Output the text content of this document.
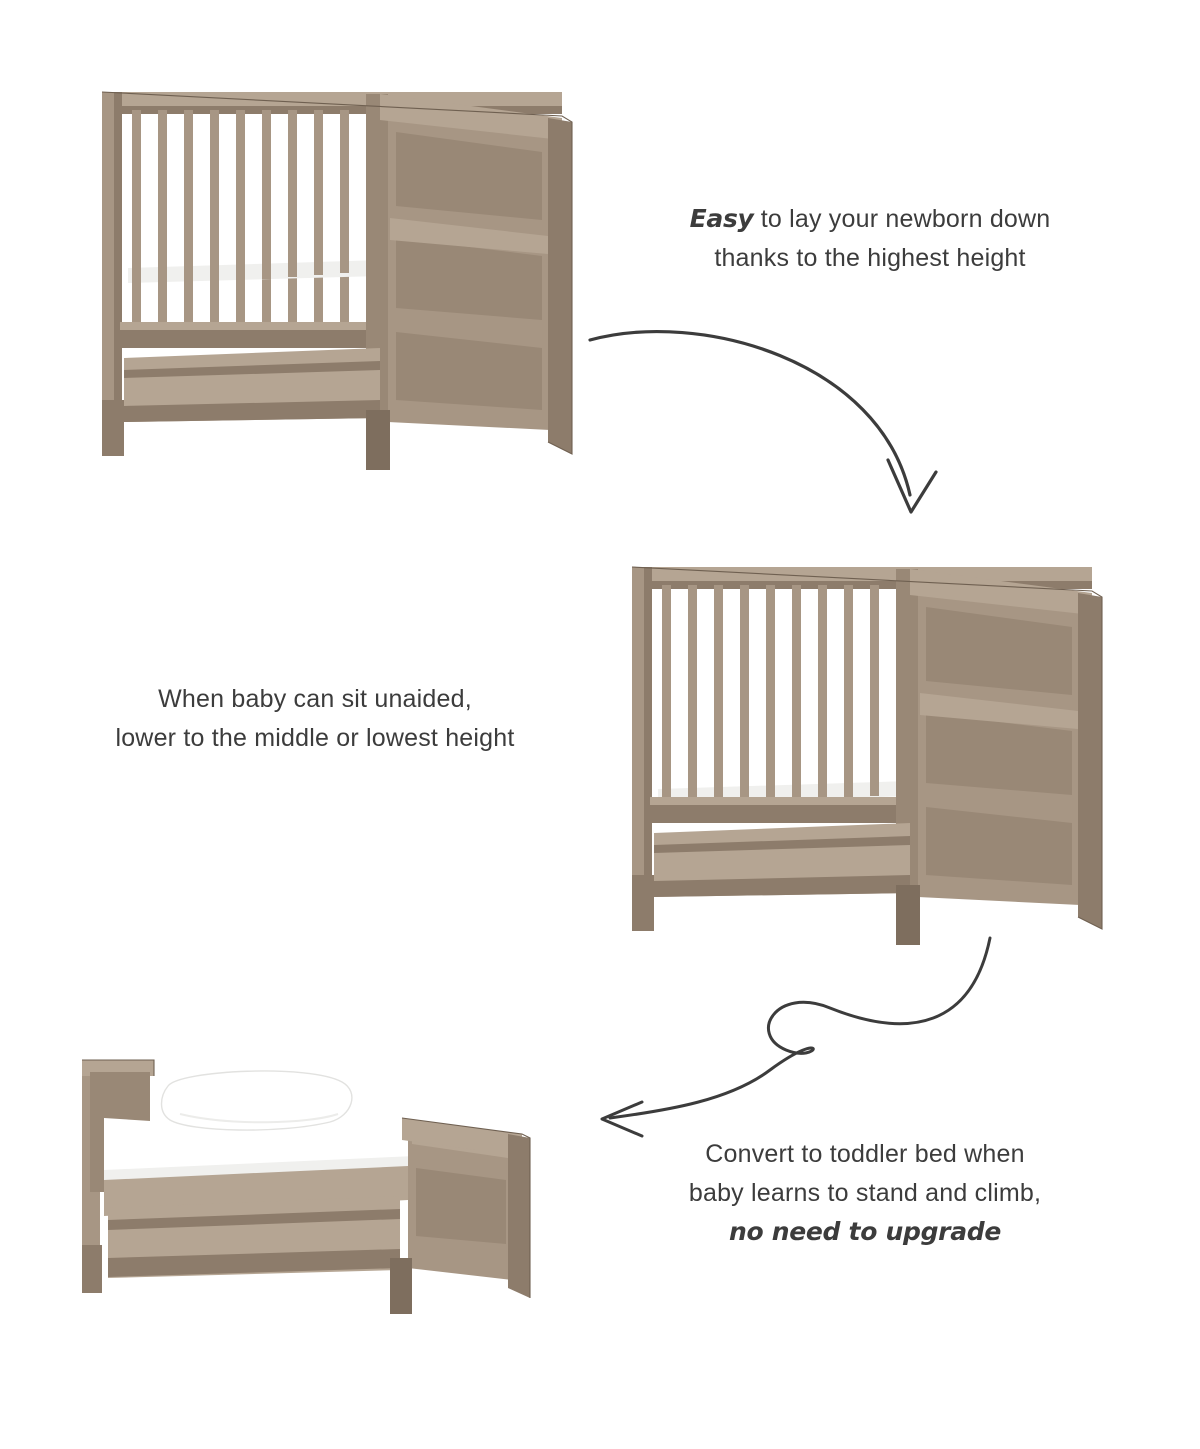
Easy to lay your newborn down
thanks to the highest height
When baby can sit unaided,
lower to the middle or lowest height
Convert to toddler bed when
baby learns to stand and climb,
no need to upgrade
